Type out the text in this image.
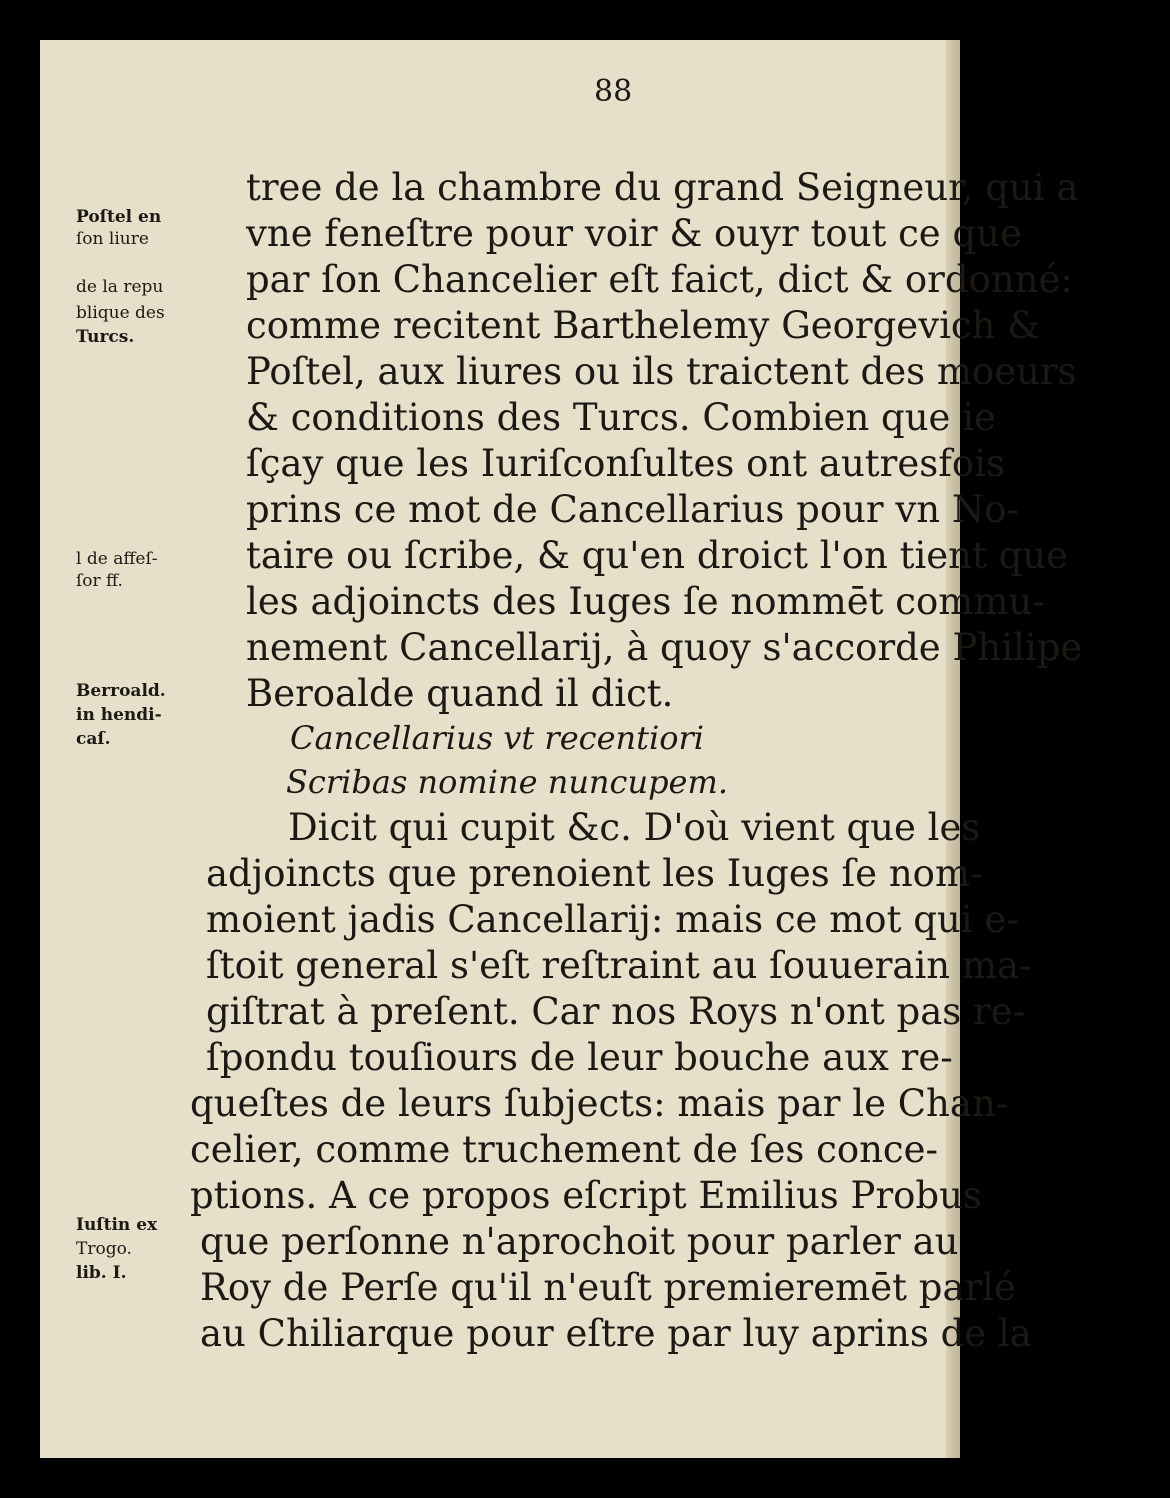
88
tree de la chambre du grand Seigneur, qui a
vne feneſtre pour voir & ouyr tout ce que
par ſon Chancelier eſt faict, dict & ordonné:
comme recitent Barthelemy Georgevich &
Poſtel, aux liures ou ils traictent des moeurs
& conditions des Turcs. Combien que ie
ſçay que les Iuriſconſultes ont autresfois
prins ce mot de Cancellarius pour vn No-
taire ou ſcribe, & qu'en droict l'on tient que
les adjoincts des Iuges ſe nommēt commu-
nement Cancellarij, à quoy s'accorde Philipe
Beroalde quand il dict.
Cancellarius vt recentiori
Scribas nomine nuncupem.
Dicit qui cupit &c. D'où vient que les
adjoincts que prenoient les Iuges ſe nom-
moient jadis Cancellarij: mais ce mot qui e-
ſtoit general s'eſt reſtraint au ſouuerain ma-
giſtrat à preſent. Car nos Roys n'ont pas re-
ſpondu touſiours de leur bouche aux re-
queſtes de leurs ſubjects: mais par le Chan-
celier, comme truchement de ſes conce-
ptions. A ce propos eſcript Emilius Probus
que perſonne n'aprochoit pour parler au
Roy de Perſe qu'il n'euſt premieremēt parlé
au Chiliarque pour eſtre par luy aprins de la
Poſtel en
ſon liure
de la repu
blique des
Turcs.
l de affeſ-
ſor ff.
Berroald.
in hendi-
caſ.
Iuſtin ex
Trogo.
lib. I.
